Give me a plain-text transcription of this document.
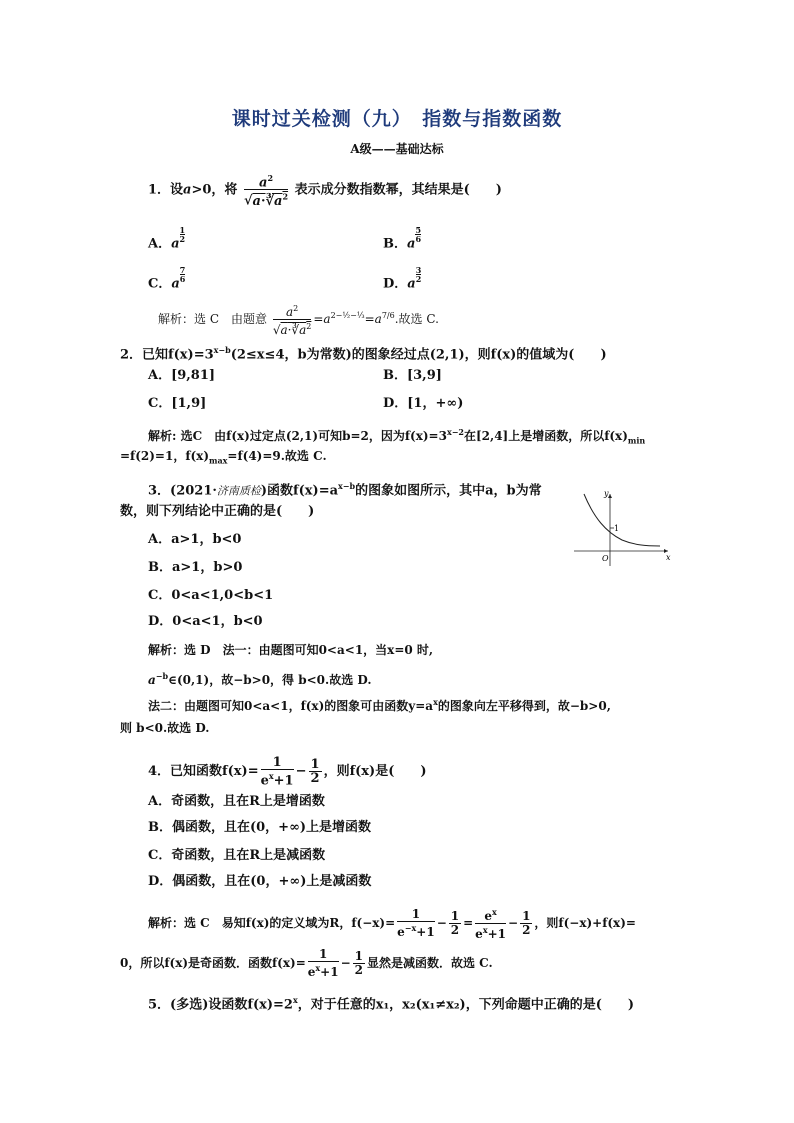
课时过关检测（九）　指数与指数函数
A级——基础达标
1．设a>0，将 $\frac{a^2}{√a\cdot∛a^2}$ 表示成分数指数幂，其结果是(　　)
A．a
$\frac{1}{2}$
B．a
$\frac{5}{6}$
C．a
$\frac{7}{6}$
D．a
$\frac{3}{2}$
解析：选 C　由题意 $\frac{a^2}{√a\cdot∛a^2} =a^{2-\frac{1}{2}-\frac{1}{3}}=a^{7/6}$.故选 C.
2．已知$f(x)=3^{x-b}(2\le x\le 4$，b为常数)的图象经过点(2,1)，则f(x)的值域为(　　)
A．[9,81]	B．[3,9]
C．[1,9]	D．[1，+∞)
解析: 选C　由f(x)过定点(2,1)可知b=2，因为$f(x)=3^{x-2}$在[2,4]上是增函数，所以$f(x)_{min}$
=f(2)=1，$f(x)_{max}=f(4)=9$.故选 C.
3．(2021·济南质检)函数$f(x)=a^{x-b}$的图象如图所示，其中a，b为常
数，则下列结论中正确的是(　　)
A．a>1，b<0
B．a>1，b>0
C．0<a<1,0<b<1
D．0<a<1，b<0
y
x
O
1
解析：选 D　法一：由题图可知0<a<1，当x=0 时,
$a^{-b}\in(0,1)$，故−b>0，得 b<0.故选 D.
法二：由题图可知0<a<1，f(x)的图象可由函数$y=a^x$的图象向左平移得到，故−b>0,
则 b<0.故选 D.
4．已知函数$f(x)= \frac{1}{e^x+1} - \frac{1}{2}$ ，则f(x)是(　　)
A．奇函数，且在R上是增函数
B．偶函数，且在(0，+∞)上是增函数
C．奇函数，且在R上是减函数
D．偶函数，且在(0，+∞)上是减函数
解析：选 C　易知f(x)的定义域为R，$f(-x)= \frac{1}{e^{-x}+1} - \frac{1}{2} = \frac{e^x}{e^x+1} - \frac{1}{2}$ ，则f(−x)+f(x)=
0，所以f(x)是奇函数．函数$f(x)= \frac{1}{e^x+1} - \frac{1}{2}$ 显然是减函数．故选 C.
5．(多选)设函数$f(x)=2^x$，对于任意的x₁，x₂(x₁≠x₂)，下列命题中正确的是(　　)
